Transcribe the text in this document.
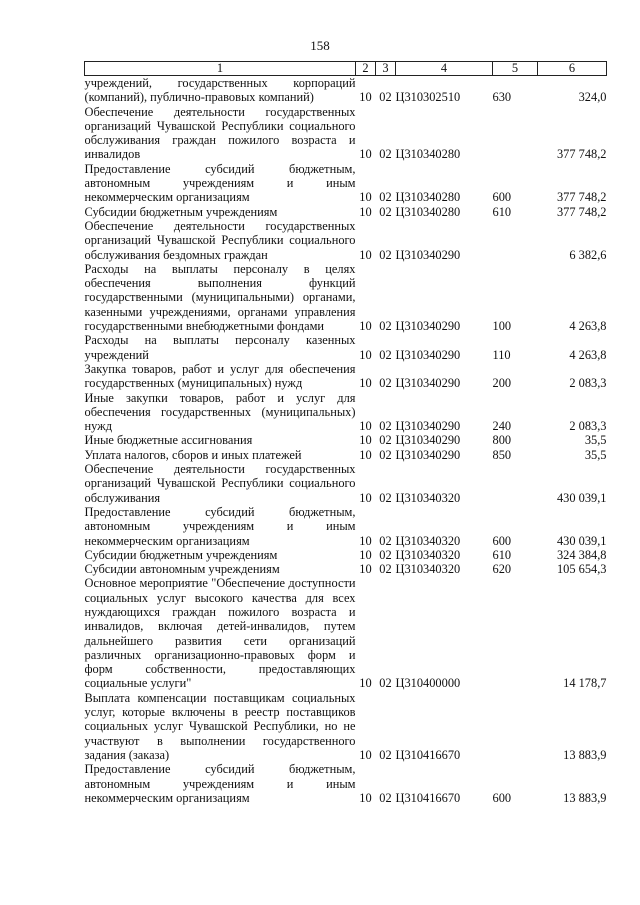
158
1	2	3	4	5	6
учреждений, государственных корпораций (компаний), публично-правовых компаний)	10	02	Ц310302510	630	324,0
Обеспечение деятельности государственных организаций Чувашской Республики социального обслуживания граждан пожилого возраста и инвалидов	10	02	Ц310340280		377 748,2
Предоставление субсидий бюджетным, автономным учреждениям и иным некоммерческим организациям	10	02	Ц310340280	600	377 748,2
Субсидии бюджетным учреждениям	10	02	Ц310340280	610	377 748,2
Обеспечение деятельности государственных организаций Чувашской Республики социального обслуживания бездомных граждан	10	02	Ц310340290		6 382,6
Расходы на выплаты персоналу в целях обеспечения выполнения функций государственными (муниципальными) органами, казенными учреждениями, органами управления государственными внебюджетными фондами	10	02	Ц310340290	100	4 263,8
Расходы на выплаты персоналу казенных учреждений	10	02	Ц310340290	110	4 263,8
Закупка товаров, работ и услуг для обеспечения государственных (муниципальных) нужд	10	02	Ц310340290	200	2 083,3
Иные закупки товаров, работ и услуг для обеспечения государственных (муниципальных) нужд	10	02	Ц310340290	240	2 083,3
Иные бюджетные ассигнования	10	02	Ц310340290	800	35,5
Уплата налогов, сборов и иных платежей	10	02	Ц310340290	850	35,5
Обеспечение деятельности государственных организаций Чувашской Республики социального обслуживания	10	02	Ц310340320		430 039,1
Предоставление субсидий бюджетным, автономным учреждениям и иным некоммерческим организациям	10	02	Ц310340320	600	430 039,1
Субсидии бюджетным учреждениям	10	02	Ц310340320	610	324 384,8
Субсидии автономным учреждениям	10	02	Ц310340320	620	105 654,3
Основное мероприятие "Обеспечение доступности социальных услуг высокого качества для всех нуждающихся граждан пожилого возраста и инвалидов, включая детей-инвалидов, путем дальнейшего развития сети организаций различных организационно-правовых форм и форм собственности, предоставляющих социальные услуги"	10	02	Ц310400000		14 178,7
Выплата компенсации поставщикам социальных услуг, которые включены в реестр поставщиков социальных услуг Чувашской Республики, но не участвуют в выполнении государственного задания (заказа)	10	02	Ц310416670		13 883,9
Предоставление субсидий бюджетным, автономным учреждениям и иным некоммерческим организациям	10	02	Ц310416670	600	13 883,9
